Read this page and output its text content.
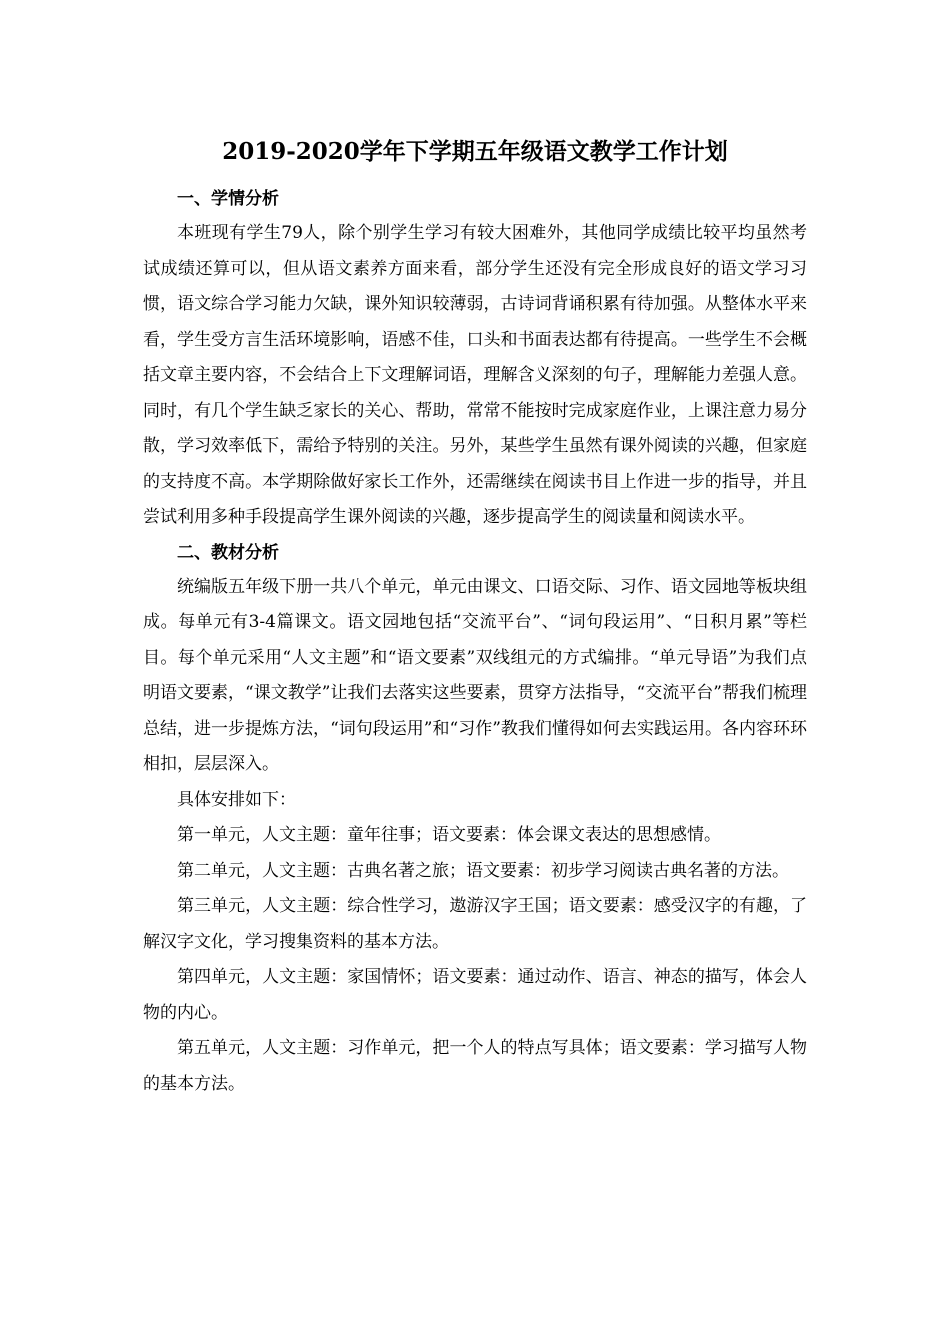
2019-2020学年下学期五年级语文教学工作计划

一、学情分析

本班现有学生79人，除个别学生学习有较大困难外，其他同学成绩比较平均虽然考试成绩还算可以，但从语文素养方面来看，部分学生还没有完全形成良好的语文学习习惯，语文综合学习能力欠缺，课外知识较薄弱，古诗词背诵积累有待加强。从整体水平来看，学生受方言生活环境影响，语感不佳，口头和书面表达都有待提高。一些学生不会概括文章主要内容，不会结合上下文理解词语，理解含义深刻的句子，理解能力差强人意。同时，有几个学生缺乏家长的关心、帮助，常常不能按时完成家庭作业，上课注意力易分散，学习效率低下，需给予特别的关注。另外，某些学生虽然有课外阅读的兴趣，但家庭的支持度不高。本学期除做好家长工作外，还需继续在阅读书目上作进一步的指导，并且尝试利用多种手段提高学生课外阅读的兴趣，逐步提高学生的阅读量和阅读水平。

二、教材分析

统编版五年级下册一共八个单元，单元由课文、口语交际、习作、语文园地等板块组成。每单元有3-4篇课文。语文园地包括“交流平台”、“词句段运用”、“日积月累”等栏目。每个单元采用“人文主题”和“语文要素”双线组元的方式编排。“单元导语”为我们点明语文要素，“课文教学”让我们去落实这些要素，贯穿方法指导，“交流平台”帮我们梳理总结，进一步提炼方法，“词句段运用”和“习作”教我们懂得如何去实践运用。各内容环环相扣，层层深入。

具体安排如下：

第一单元，人文主题：童年往事；语文要素：体会课文表达的思想感情。

第二单元，人文主题：古典名著之旅；语文要素：初步学习阅读古典名著的方法。

第三单元，人文主题：综合性学习，遨游汉字王国；语文要素：感受汉字的有趣，了解汉字文化，学习搜集资料的基本方法。

第四单元，人文主题：家国情怀；语文要素：通过动作、语言、神态的描写，体会人物的内心。

第五单元，人文主题：习作单元，把一个人的特点写具体；语文要素：学习描写人物的基本方法。
